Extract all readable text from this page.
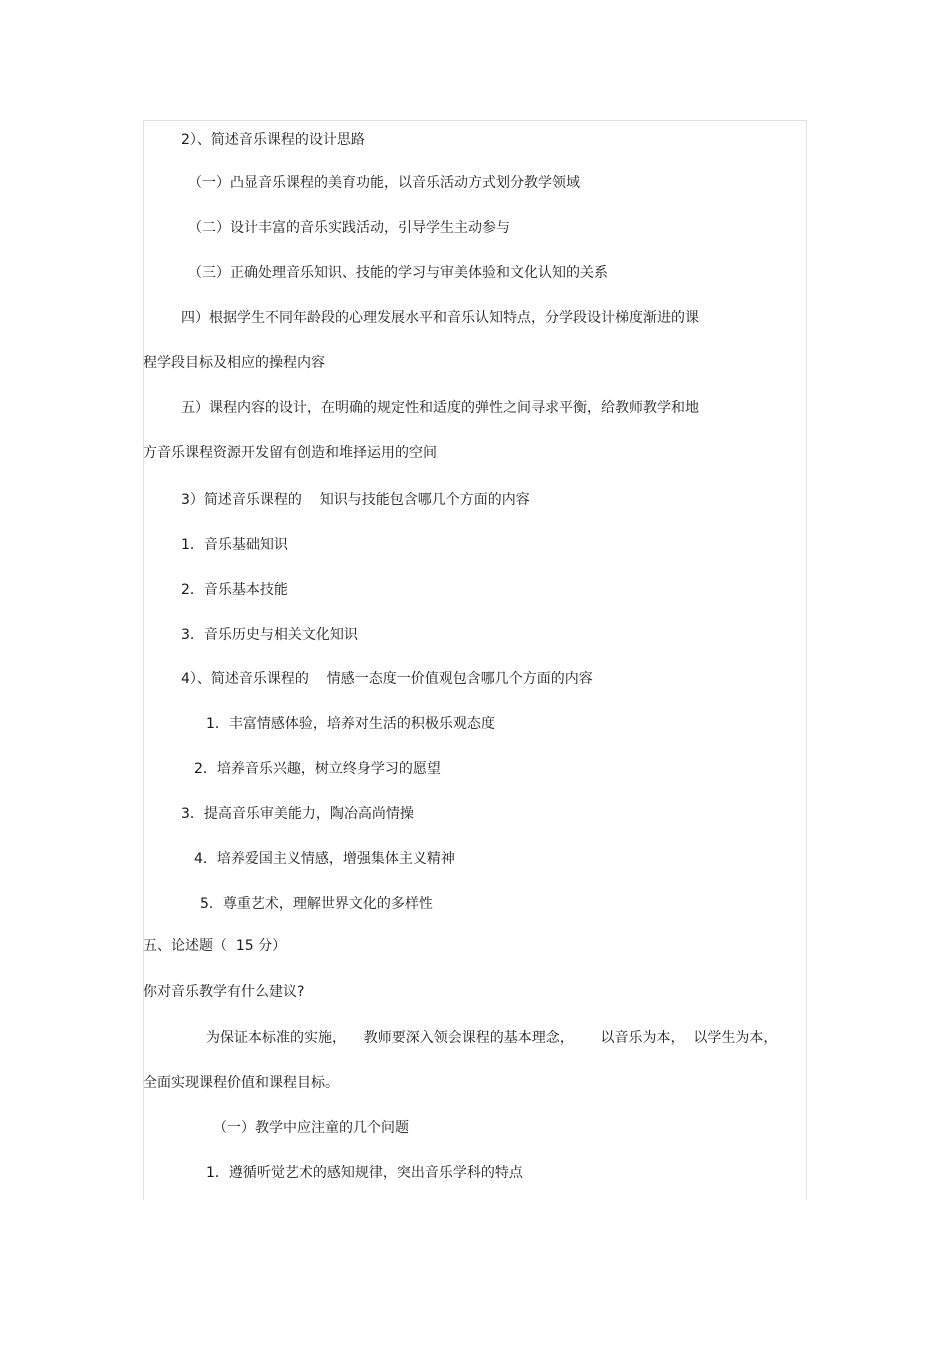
2）、简述音乐课程的设计思路
（一）凸显音乐课程的美育功能，以音乐活动方式划分教学领域
（二）设计丰富的音乐实践活动，引导学生主动参与
（三）正确处理音乐知识、技能的学习与审美体验和文化认知的关系
四）根据学生不同年龄段的心理发展水平和音乐认知特点，分学段设计梯度渐进的课
程学段目标及相应的操程内容
五）课程内容的设计，在明确的规定性和适度的弹性之间寻求平衡，给教师教学和地
方音乐课程资源开发留有创造和堆择运用的空间
3）简述音乐课程的    知识与技能包含哪几个方面的内容
1．音乐基础知识
2．音乐基本技能
3．音乐历史与相关文化知识
4）、简述音乐课程的    情感一态度一价值观包含哪几个方面的内容
1．丰富情感体验，培养对生活的积极乐观态度
2．培养音乐兴趣，树立终身学习的愿望
3．提高音乐审美能力，陶冶高尚情操
4．培养爱国主义情感，增强集体主义精神
5．尊重艺术，理解世界文化的多样性
五、论述题（  15 分）
你对音乐教学有什么建议?
为保证本标准的实施，    教师要深入领会课程的基本理念，      以音乐为本，  以学生为本，
全面实现课程价值和课程目标。
（一）教学中应注童的几个问题
1．遵循听觉艺术的感知规律，突出音乐学科的特点
